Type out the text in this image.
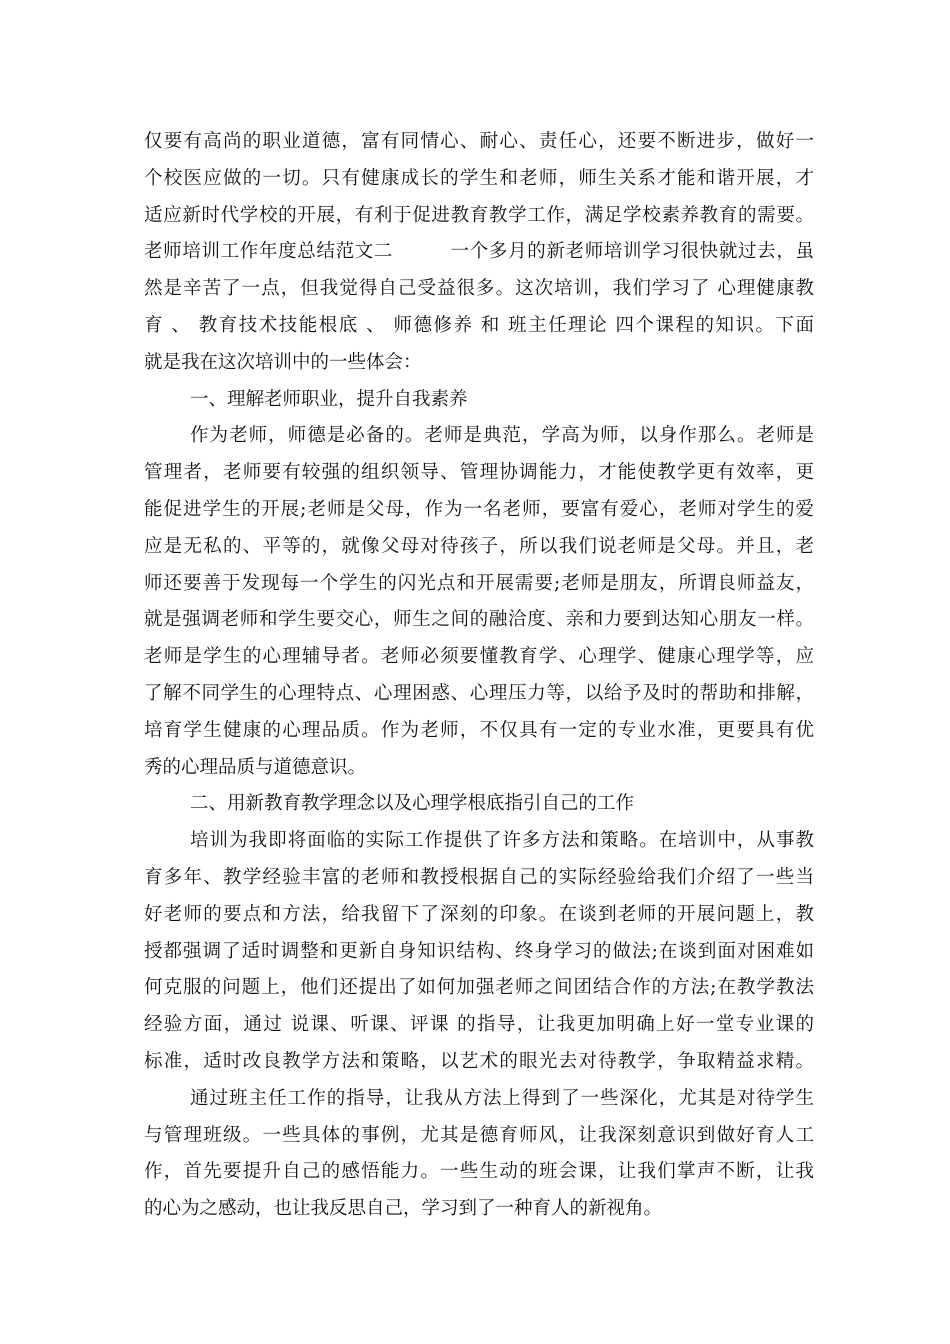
仅要有高尚的职业道德，富有同情心、耐心、责任心，还要不断进步，做好一
个校医应做的一切。只有健康成长的学生和老师，师生关系才能和谐开展，才
适应新时代学校的开展，有利于促进教育教学工作，满足学校素养教育的需要。
老师培训工作年度总结范文二　　　一个多月的新老师培训学习很快就过去，虽
然是辛苦了一点，但我觉得自己受益很多。这次培训，我们学习了 心理健康教
育 、 教育技术技能根底 、 师德修养 和 班主任理论 四个课程的知识。下面
就是我在这次培训中的一些体会：
一、理解老师职业，提升自我素养
作为老师，师德是必备的。老师是典范，学高为师，以身作那么。老师是
管理者，老师要有较强的组织领导、管理协调能力，才能使教学更有效率，更
能促进学生的开展;老师是父母，作为一名老师，要富有爱心，老师对学生的爱
应是无私的、平等的，就像父母对待孩子，所以我们说老师是父母。并且，老
师还要善于发现每一个学生的闪光点和开展需要;老师是朋友，所谓良师益友，
就是强调老师和学生要交心，师生之间的融洽度、亲和力要到达知心朋友一样。
老师是学生的心理辅导者。老师必须要懂教育学、心理学、健康心理学等，应
了解不同学生的心理特点、心理困惑、心理压力等，以给予及时的帮助和排解，
培育学生健康的心理品质。作为老师，不仅具有一定的专业水准，更要具有优
秀的心理品质与道德意识。
二、用新教育教学理念以及心理学根底指引自己的工作
培训为我即将面临的实际工作提供了许多方法和策略。在培训中，从事教
育多年、教学经验丰富的老师和教授根据自己的实际经验给我们介绍了一些当
好老师的要点和方法，给我留下了深刻的印象。在谈到老师的开展问题上，教
授都强调了适时调整和更新自身知识结构、终身学习的做法;在谈到面对困难如
何克服的问题上，他们还提出了如何加强老师之间团结合作的方法;在教学教法
经验方面，通过 说课、听课、评课 的指导，让我更加明确上好一堂专业课的
标准，适时改良教学方法和策略，以艺术的眼光去对待教学，争取精益求精。
通过班主任工作的指导，让我从方法上得到了一些深化，尤其是对待学生
与管理班级。一些具体的事例，尤其是德育师风，让我深刻意识到做好育人工
作，首先要提升自己的感悟能力。一些生动的班会课，让我们掌声不断，让我
的心为之感动，也让我反思自己，学习到了一种育人的新视角。
